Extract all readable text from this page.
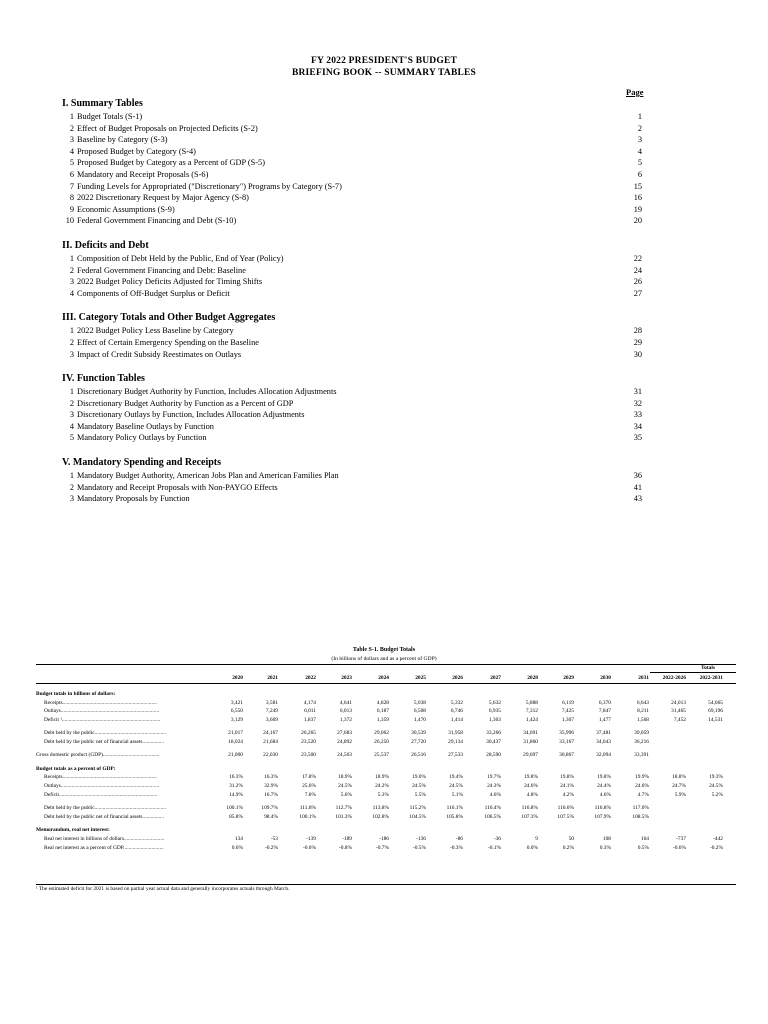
FY 2022 PRESIDENT'S BUDGET
BRIEFING BOOK -- SUMMARY TABLES
Page
I. Summary Tables
1 Budget Totals (S-1)	1
2 Effect of Budget Proposals on Projected Deficits (S-2)	2
3 Baseline by Category (S-3)	3
4 Proposed Budget by Category (S-4)	4
5 Proposed Budget by Category as a Percent of GDP (S-5)	5
6 Mandatory and Receipt Proposals (S-6)	6
7 Funding Levels for Appropriated ("Discretionary") Programs by Category (S-7)	15
8 2022 Discretionary Request by Major Agency (S-8)	16
9 Economic Assumptions (S-9)	19
10 Federal Government Financing and Debt (S-10)	20
II. Deficits and Debt
1 Composition of Debt Held by the Public, End of Year (Policy)	22
2 Federal Government Financing and Debt: Baseline	24
3 2022 Budget Policy Deficits Adjusted for Timing Shifts	26
4 Components of Off-Budget Surplus or Deficit	27
III. Category Totals and Other Budget Aggregates
1 2022 Budget Policy Less Baseline by Category	28
2 Effect of Certain Emergency Spending on the Baseline	29
3 Impact of Credit Subsidy Reestimates on Outlays	30
IV. Function Tables
1 Discretionary Budget Authority by Function, Includes Allocation Adjustments	31
2 Discretionary Budget Authority by Function as a Percent of GDP	32
3 Discretionary Outlays by Function, Includes Allocation Adjustments	33
4 Mandatory Baseline Outlays by Function	34
5 Mandatory Policy Outlays by Function	35
V. Mandatory Spending and Receipts
1 Mandatory Budget Authority, American Jobs Plan and American Families Plan	36
2 Mandatory and Receipt Proposals with Non-PAYGO Effects	41
3 Mandatory Proposals by Function	43
Table S-1. Budget Totals
(In billions of dollars and as a percent of GDP)
Totals
2020	2021	2022	2023	2024	2025	2026	2027	2028	2029	2030	2031	2022-2026	2022-2031
Budget totals in billions of dollars:
Receipts......................................................................	3,421	3,581	4,174	4,641	4,828	5,038	5,332	5,632	5,888	6,119	6,370	6,643	24,013	54,665
Outlays.........................................................................	6,550	7,249	6,011	6,013	6,187	6,508	6,746	6,935	7,312	7,425	7,847	8,211	31,465	69,196
Deficit ¹.........................................................................	3,129	3,669	1,837	1,372	1,359	1,470	1,414	1,303	1,424	1,307	1,477	1,568	7,452	14,531
Debt held by the public.....................................................	21,017	24,167	26,265	27,683	29,062	30,539	31,958	33,266	34,691	35,996	37,481	39,059
Debt held by the public net of financial assets................	18,024	21,684	23,520	24,892	26,250	27,720	29,134	30,437	31,860	33,167	34,643	36,216
Gross domestic product (GDP)..........................................	21,000	22,030	23,500	24,563	25,537	26,516	27,533	28,590	29,697	30,867	32,094	33,391
Budget totals as a percent of GDP:
Receipts......................................................................	16.3%	16.3%	17.8%	18.9%	18.9%	19.0%	19.4%	19.7%	19.8%	19.8%	19.8%	19.9%	18.8%	19.3%
Outlays.........................................................................	31.2%	32.9%	25.6%	24.5%	24.2%	24.5%	24.5%	24.3%	24.6%	24.1%	24.4%	24.6%	24.7%	24.5%
Deficit.........................................................................	14.9%	16.7%	7.8%	5.6%	5.3%	5.5%	5.1%	4.6%	4.8%	4.2%	4.6%	4.7%	5.9%	5.2%
Debt held by the public.....................................................	100.1%	109.7%	111.8%	112.7%	113.8%	115.2%	116.1%	116.4%	116.8%	116.6%	116.8%	117.0%
Debt held by the public net of financial assets................	85.8%	98.4%	100.1%	101.3%	102.8%	104.5%	105.8%	106.5%	107.3%	107.5%	107.9%	108.5%
Memorandum, real net interest:
Real net interest in billions of dollars..............................	134	-53	-139	-189	-186	-136	-86	-36	9	50	108	164	-737	-442
Real net interest as a percent of GDP..............................	0.6%	-0.2%	-0.6%	-0.8%	-0.7%	-0.5%	-0.3%	-0.1%	0.0%	0.2%	0.3%	0.5%	-0.6%	-0.2%
¹ The estimated deficit for 2021 is based on partial year actual data and generally incorporates actuals through March.
